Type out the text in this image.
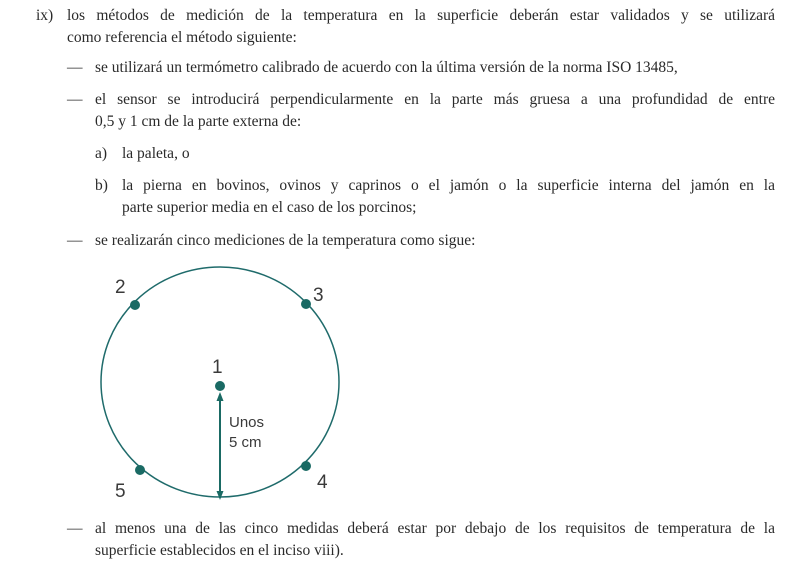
ix) los métodos de medición de la temperatura en la superficie deberán estar validados y se utilizará
como referencia el método siguiente:
— se utilizará un termómetro calibrado de acuerdo con la última versión de la norma ISO 13485,
— el sensor se introducirá perpendicularmente en la parte más gruesa a una profundidad de entre
0,5 y 1 cm de la parte externa de:
a) la paleta, o
b) la pierna en bovinos, ovinos y caprinos o el jamón o la superficie interna del jamón en la
parte superior media en el caso de los porcinos;
— se realizarán cinco mediciones de la temperatura como sigue:
1
2	3
4
5
Unos
5 cm
— al menos una de las cinco medidas deberá estar por debajo de los requisitos de temperatura de la
superficie establecidos en el inciso viii).
